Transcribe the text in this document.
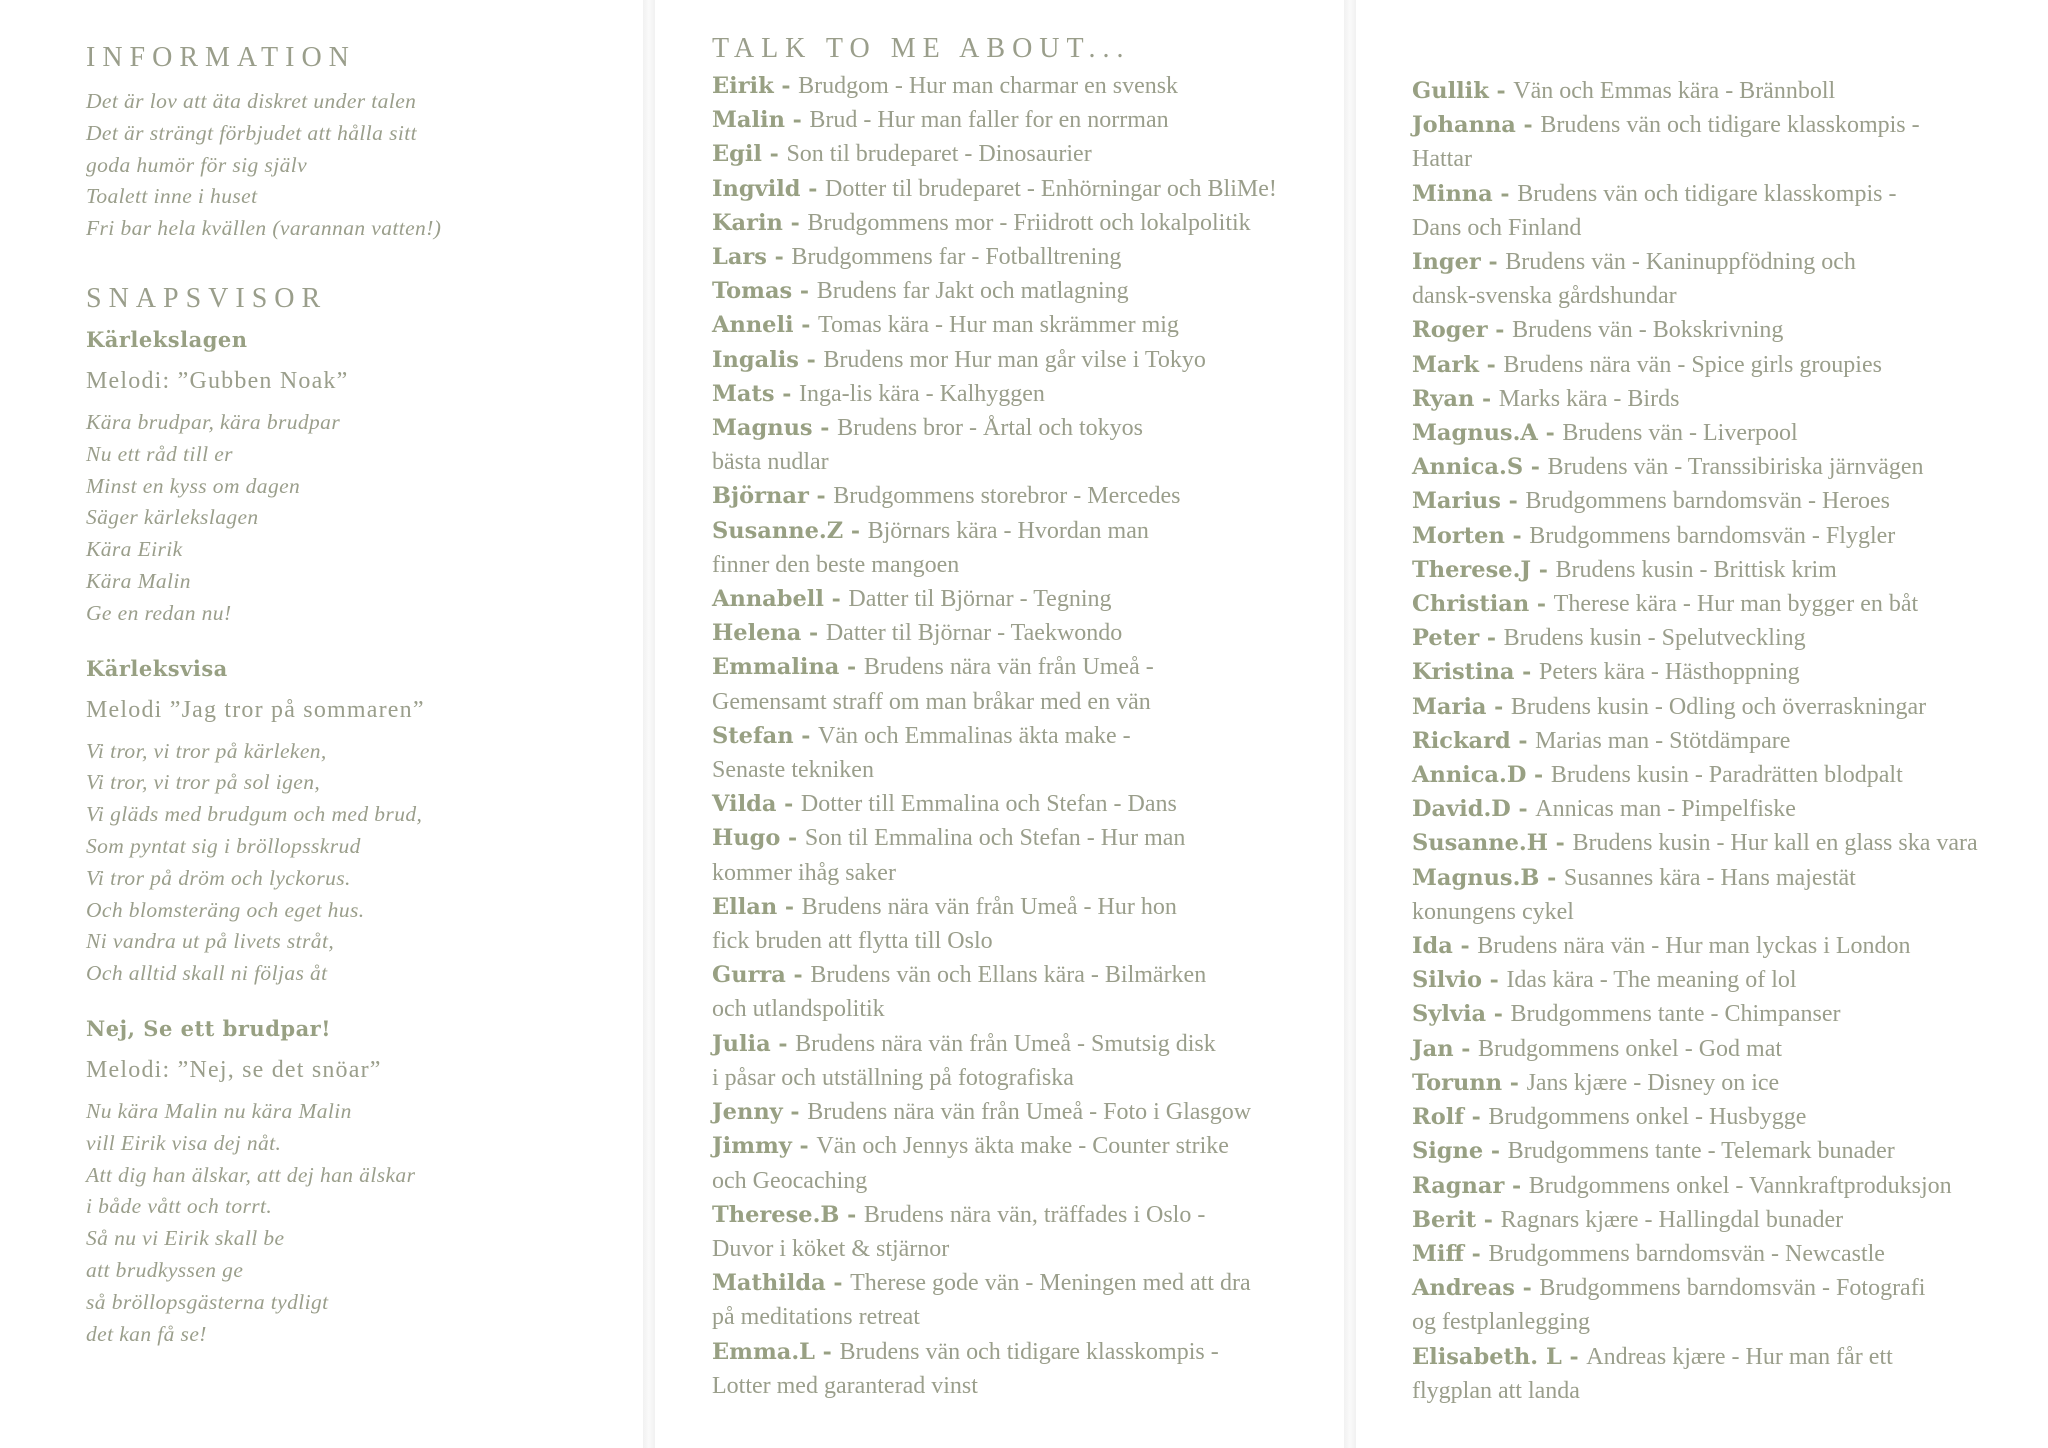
INFORMATION
Det är lov att äta diskret under talen
Det är strängt förbjudet att hålla sitt
goda humör för sig själv
Toalett inne i huset
Fri bar hela kvällen (varannan vatten!)
SNAPSVISOR
Kärlekslagen
Melodi: ”Gubben Noak”
Kära brudpar, kära brudpar
Nu ett råd till er
Minst en kyss om dagen
Säger kärlekslagen
Kära Eirik
Kära Malin
Ge en redan nu!
Kärleksvisa
Melodi ”Jag tror på sommaren”
Vi tror, vi tror på kärleken,
Vi tror, vi tror på sol igen,
Vi gläds med brudgum och med brud,
Som pyntat sig i bröllopsskrud
Vi tror på dröm och lyckorus.
Och blomsteräng och eget hus.
Ni vandra ut på livets stråt,
Och alltid skall ni följas åt
Nej, Se ett brudpar!
Melodi: ”Nej, se det snöar”
Nu kära Malin nu kära Malin
vill Eirik visa dej nåt.
Att dig han älskar, att dej han älskar
i både vått och torrt.
Så nu vi Eirik skall be
att brudkyssen ge
så bröllopsgästerna tydligt
det kan få se!
TALK TO ME ABOUT...
Eirik - Brudgom - Hur man charmar en svensk
Malin - Brud - Hur man faller for en norrman
Egil - Son til brudeparet - Dinosaurier
Ingvild - Dotter til brudeparet - Enhörningar och BliMe!
Karin - Brudgommens mor - Friidrott och lokalpolitik
Lars - Brudgommens far - Fotballtrening
Tomas - Brudens far Jakt och matlagning
Anneli - Tomas kära - Hur man skrämmer mig
Ingalis - Brudens mor Hur man går vilse i Tokyo
Mats - Inga-lis kära - Kalhyggen
Magnus - Brudens bror - Årtal och tokyos
bästa nudlar
Björnar - Brudgommens storebror - Mercedes
Susanne.Z - Björnars kära - Hvordan man
finner den beste mangoen
Annabell - Datter til Björnar - Tegning
Helena - Datter til Björnar - Taekwondo
Emmalina - Brudens nära vän från Umeå -
Gemensamt straff om man bråkar med en vän
Stefan - Vän och Emmalinas äkta make -
Senaste tekniken
Vilda - Dotter till Emmalina och Stefan - Dans
Hugo - Son til Emmalina och Stefan - Hur man
kommer ihåg saker
Ellan - Brudens nära vän från Umeå - Hur hon
fick bruden att flytta till Oslo
Gurra - Brudens vän och Ellans kära - Bilmärken
och utlandspolitik
Julia - Brudens nära vän från Umeå - Smutsig disk
i påsar och utställning på fotografiska
Jenny - Brudens nära vän från Umeå - Foto i Glasgow
Jimmy - Vän och Jennys äkta make - Counter strike
och Geocaching
Therese.B - Brudens nära vän, träffades i Oslo -
Duvor i köket & stjärnor
Mathilda - Therese gode vän - Meningen med att dra
på meditations retreat
Emma.L - Brudens vän och tidigare klasskompis -
Lotter med garanterad vinst
Gullik - Vän och Emmas kära - Brännboll
Johanna - Brudens vän och tidigare klasskompis -
Hattar
Minna - Brudens vän och tidigare klasskompis -
Dans och Finland
Inger - Brudens vän - Kaninuppfödning och
dansk-svenska gårdshundar
Roger - Brudens vän - Bokskrivning
Mark - Brudens nära vän - Spice girls groupies
Ryan - Marks kära - Birds
Magnus.A - Brudens vän - Liverpool
Annica.S - Brudens vän - Transsibiriska järnvägen
Marius - Brudgommens barndomsvän - Heroes
Morten - Brudgommens barndomsvän - Flygler
Therese.J - Brudens kusin - Brittisk krim
Christian - Therese kära - Hur man bygger en båt
Peter - Brudens kusin - Spelutveckling
Kristina - Peters kära - Hästhoppning
Maria - Brudens kusin - Odling och överraskningar
Rickard - Marias man - Stötdämpare
Annica.D - Brudens kusin - Paradrätten blodpalt
David.D - Annicas man - Pimpelfiske
Susanne.H - Brudens kusin - Hur kall en glass ska vara
Magnus.B - Susannes kära - Hans majestät
konungens cykel
Ida - Brudens nära vän - Hur man lyckas i London
Silvio - Idas kära - The meaning of lol
Sylvia - Brudgommens tante - Chimpanser
Jan - Brudgommens onkel - God mat
Torunn - Jans kjære - Disney on ice
Rolf - Brudgommens onkel - Husbygge
Signe - Brudgommens tante - Telemark bunader
Ragnar - Brudgommens onkel - Vannkraftproduksjon
Berit - Ragnars kjære - Hallingdal bunader
Miff - Brudgommens barndomsvän - Newcastle
Andreas - Brudgommens barndomsvän - Fotografi
og festplanlegging
Elisabeth. L - Andreas kjære - Hur man får ett
flygplan att landa
